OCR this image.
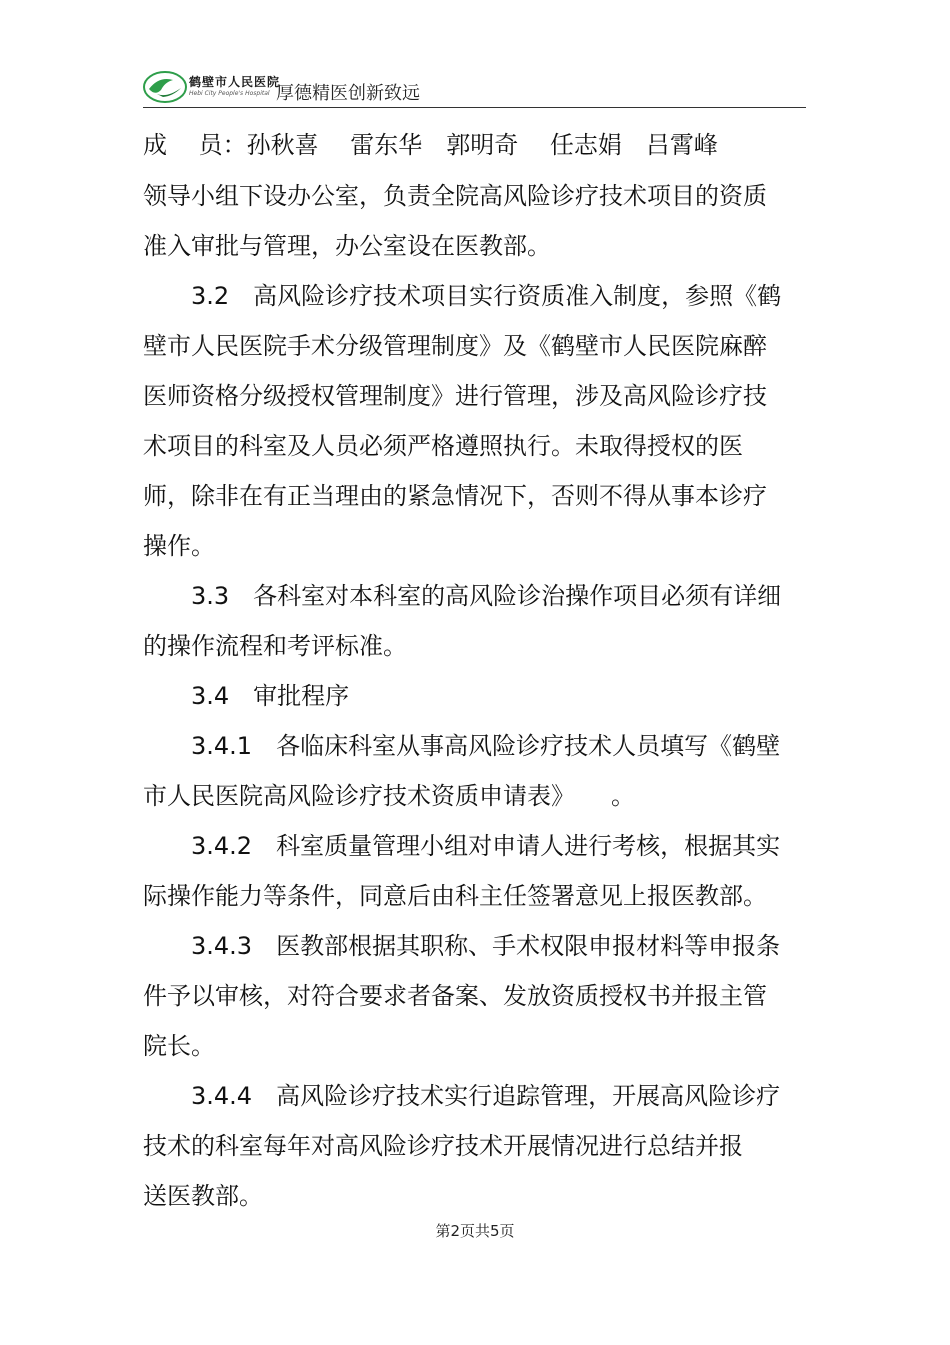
鹤壁市人民医院
Hebi City People's Hospital 厚德精医创新致远
成　 员：孙秋喜　 雷东华　郭明奇　 任志娟　吕霄峰
领导小组下设办公室，负责全院高风险诊疗技术项目的资质
准入审批与管理，办公室设在医教部。
　　3.2　高风险诊疗技术项目实行资质准入制度，参照《鹤
壁市人民医院手术分级管理制度》及《鹤壁市人民医院麻醉
医师资格分级授权管理制度》进行管理，涉及高风险诊疗技
术项目的科室及人员必须严格遵照执行。未取得授权的医
师，除非在有正当理由的紧急情况下，否则不得从事本诊疗
操作。
　　3.3　各科室对本科室的高风险诊治操作项目必须有详细
的操作流程和考评标准。
　　3.4　审批程序
　　3.4.1　各临床科室从事高风险诊疗技术人员填写《鹤壁
市人民医院高风险诊疗技术资质申请表》　　。
　　3.4.2　科室质量管理小组对申请人进行考核，根据其实
际操作能力等条件，同意后由科主任签署意见上报医教部。
　　3.4.3　医教部根据其职称、手术权限申报材料等申报条
件予以审核，对符合要求者备案、发放资质授权书并报主管
院长。
　　3.4.4　高风险诊疗技术实行追踪管理，开展高风险诊疗
技术的科室每年对高风险诊疗技术开展情况进行总结并报
送医教部。
第2页共5页
